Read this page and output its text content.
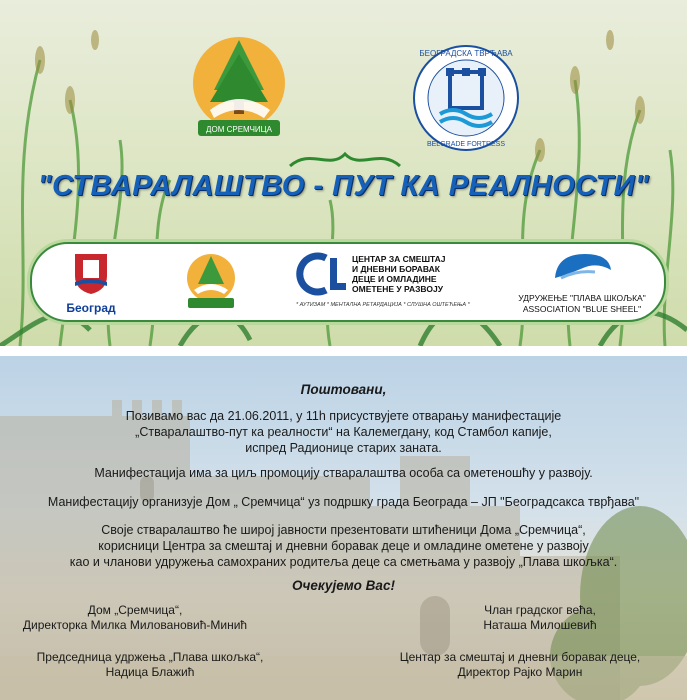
ДОМ СРЕМЧИЦА
БЕОГРАДСКА ТВРЂАВА
BELGRADE FORTRESS
"СТВАРАЛАШТВО - ПУТ КА РЕАЛНОСТИ"
Београд
ЦЕНТАР ЗА СМЕШТАЈ
И ДНЕВНИ БОРАВАК
ДЕЦЕ И ОМЛАДИНЕ
ОМЕТЕНЕ У РАЗВОЈУ
* АУТИЗАМ * МЕНТАЛНА РЕТАРДАЦИЈА * СЛУШНА ОШТЕЋЕЊА *
УДРУЖЕЊЕ "ПЛАВА ШКОЉКА"
ASSOCIATION "BLUE SHEEL"
Поштовани,
Позивамо вас да 21.06.2011, у 11h присуствујете отварању манифестације
„Стваралаштво-пут ка реалности“ на Калемегдану, код Стамбол капије,
испред Радионице старих заната.
Манифестација има за циљ промоцију стваралаштва особа са ометеношћу у развоју.
Манифестацију организује Дом „ Сремчица“ уз подршку града Београда – ЈП "Београдсакса тврђава"
Своје стваралаштво ће широј јавности презентовати штићеници Дома „Сремчица“,
корисници Центра за смештај и дневни боравак деце и омладине ометене у развоју
као и чланови удружења самохраних родитеља деце са сметњама у развоју „Плава шкољка“.
Очекујемо Вас!
Дом „Сремчица“,
Директорка Милка Миловановић-Минић
Члан градског већа,
Наташа Милошевић
Председница удржења „Плава шкољка“,
Надица Блажић
Центар за смештај и дневни боравак деце,
Директор Рајко Марин
